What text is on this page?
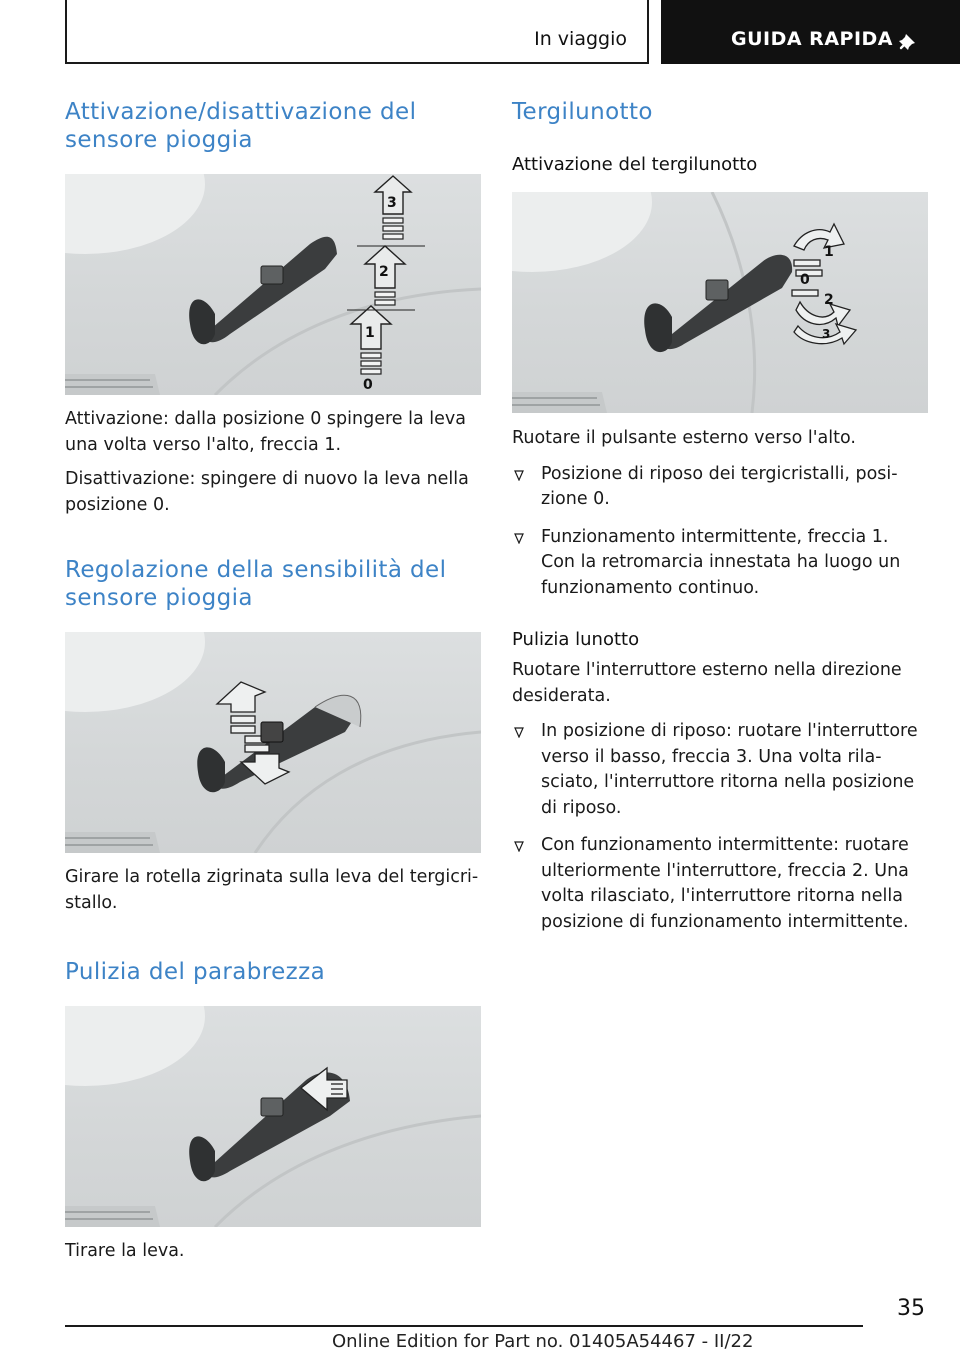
In viaggio	GUIDA RAPIDA
Attivazione/disattivazione del sensore pioggia
3
2
1
0

Attivazione: dalla posizione 0 spingere la leva una volta verso l'alto, freccia 1.

Disattivazione: spingere di nuovo la leva nella posizione 0.

Regolazione della sensibilità del sensore pioggia

Girare la rotella zigrinata sulla leva del tergicristallo.

Pulizia del parabrezza

Tirare la leva.

Tergilunotto
Attivazione del tergilunotto
1
0
2
3

Ruotare il pulsante esterno verso l'alto.

Posizione di riposo dei tergicristalli, posizione 0.
Funzionamento intermittente, freccia 1. Con la retromarcia innestata ha luogo un funzionamento continuo.
Pulizia lunotto

Ruotare l'interruttore esterno nella direzione desiderata.

In posizione di riposo: ruotare l'interruttore verso il basso, freccia 3. Una volta rilasciato, l'interruttore ritorna nella posizione di riposo.
Con funzionamento intermittente: ruotare ulteriormente l'interruttore, freccia 2. Una volta rilasciato, l'interruttore ritorna nella posizione di funzionamento intermittente.
35
Online Edition for Part no. 01405A54467 - II/22
